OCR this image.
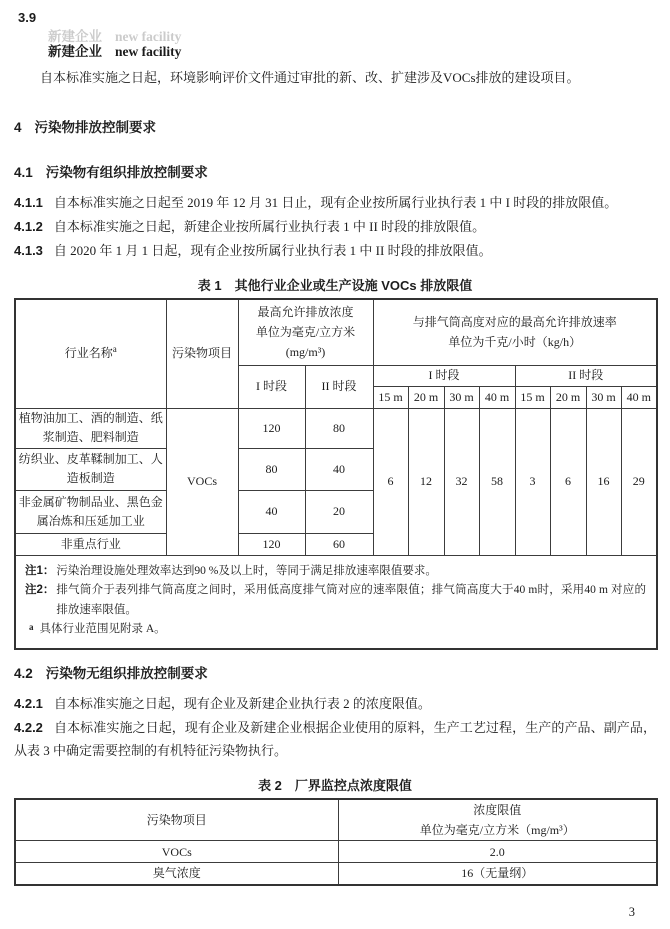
3.9
新建企业 new facility
新建企业 new facility

自本标准实施之日起，环境影响评价文件通过审批的新、改、扩建涉及VOCs排放的建设项目。

4 污染物排放控制要求
4.1 污染物有组织排放控制要求

4.1.1 自本标准实施之日起至 2019 年 12 月 31 日止，现有企业按所属行业执行表 1 中 I 时段的排放限值。

4.1.2 自本标准实施之日起，新建企业按所属行业执行表 1 中 II 时段的排放限值。

4.1.3 自 2020 年 1 月 1 日起，现有企业按所属行业执行表 1 中 II 时段的排放限值。

表 1 其他行业企业或生产设施 VOCs 排放限值
行业名称$^a$	污染物项目	
最高允许排放浓度
单位为毫克/立方米
(mg/m³)

与排气筒高度对应的最高允许排放速率
单位为千克/小时（kg/h）

		I 时段	II 时段	I 时段				II 时段			
				15 m	20 m	30 m	40 m	15 m	20 m	30 m	40 m
植物油加工、酒的制造、纸浆制造、肥料制造	VOCs	120	80	6	12	32	58	3	6	16	29
纺织业、皮革鞣制加工、人造板制造		80	40								
非金属矿物制品业、黑色金属冶炼和压延加工业		40	20								
非重点行业		120	60								

注1： 污染治理设施处理效率达到90 %及以上时，等同于满足排放速率限值要求。
注2： 排气筒介于表列排气筒高度之间时，采用低高度排气筒对应的速率限值；排气筒高度大于40 m时，采用40 m 对应的排放速率限值。
a 具体行业范围见附录 A。
4.2 污染物无组织排放控制要求

4.2.1 自本标准实施之日起，现有企业及新建企业执行表 2 的浓度限值。

4.2.2 自本标准实施之日起，现有企业及新建企业根据企业使用的原料，生产工艺过程，生产的产品、副产品，从表 3 中确定需要控制的有机特征污染物执行。

表 2 厂界监控点浓度限值
污染物项目	浓度限值
单位为毫克/立方米（mg/m³）

VOCs	2.0
臭气浓度	16（无量纲）
3
